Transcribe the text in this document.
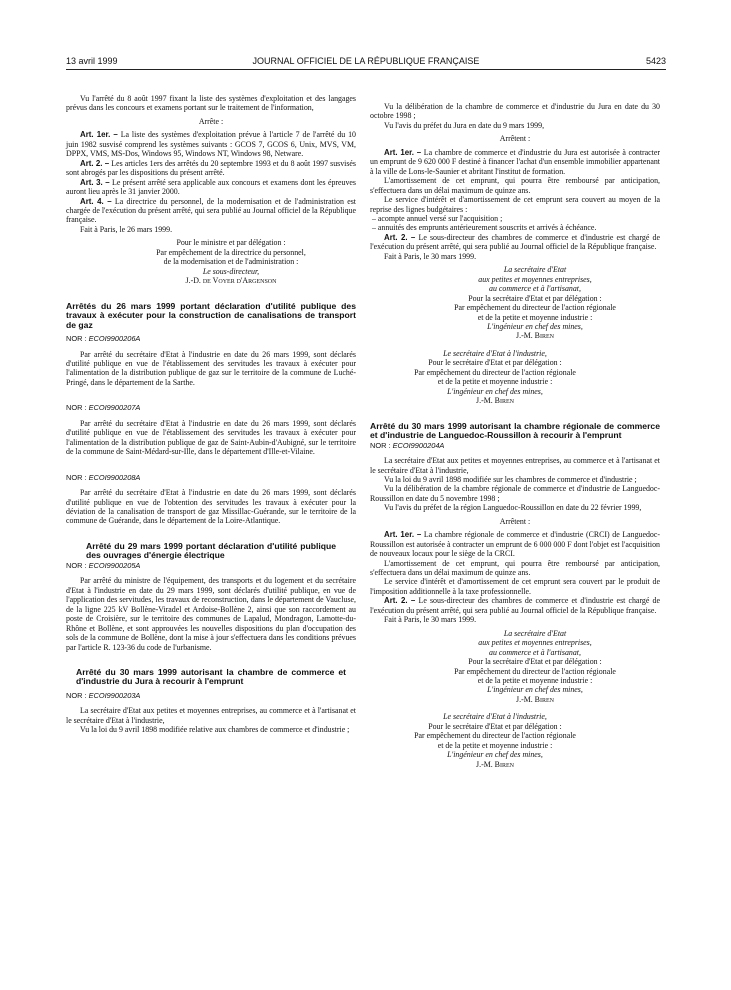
13 avril 1999	JOURNAL OFFICIEL DE LA RÉPUBLIQUE FRANÇAISE	5423

Vu l'arrêté du 8 août 1997 fixant la liste des systèmes d'exploitation et des langages prévus dans les concours et examens portant sur le traitement de l'information,

Arrête :

Art. 1er. – La liste des systèmes d'exploitation prévue à l'article 7 de l'arrêté du 10 juin 1982 susvisé comprend les systèmes suivants : GCOS 7, GCOS 6, Unix, MVS, VM, DPPX, VMS, MS-Dos, Windows 95, Windows NT, Windows 98, Netware.

Art. 2. – Les articles 1ers des arrêtés du 20 septembre 1993 et du 8 août 1997 susvisés sont abrogés par les dispositions du présent arrêté.

Art. 3. – Le présent arrêté sera applicable aux concours et examens dont les épreuves auront lieu après le 31 janvier 2000.

Art. 4. – La directrice du personnel, de la modernisation et de l'administration est chargée de l'exécution du présent arrêté, qui sera publié au Journal officiel de la République française.

Fait à Paris, le 26 mars 1999.

Pour le ministre et par délégation :

Par empêchement de la directrice du personnel,

de la modernisation et de l'administration :

Le sous-directeur,

J.-D. de Voyer d'Argenson

Arrêtés du 26 mars 1999 portant déclaration d'utilité publique des travaux à exécuter pour la construction de canalisations de transport de gaz

NOR : ECOI9900206A

Par arrêté du secrétaire d'Etat à l'industrie en date du 26 mars 1999, sont déclarés d'utilité publique en vue de l'établissement des servitudes les travaux à exécuter pour l'alimentation de la distribution publique de gaz sur le territoire de la commune de Luché-Pringé, dans le département de la Sarthe.

NOR : ECOI9900207A

Par arrêté du secrétaire d'Etat à l'industrie en date du 26 mars 1999, sont déclarés d'utilité publique en vue de l'établissement des servitudes les travaux à exécuter pour l'alimentation de la distribution publique de gaz de Saint-Aubin-d'Aubigné, sur le territoire de la commune de Saint-Médard-sur-Ille, dans le département d'Ille-et-Vilaine.

NOR : ECOI9900208A

Par arrêté du secrétaire d'Etat à l'industrie en date du 26 mars 1999, sont déclarés d'utilité publique en vue de l'obtention des servitudes les travaux à exécuter pour la déviation de la canalisation de transport de gaz Missillac-Guérande, sur le territoire de la commune de Guérande, dans le département de la Loire-Atlantique.

Arrêté du 29 mars 1999 portant déclaration d'utilité publique des ouvrages d'énergie électrique

NOR : ECOI9900205A

Par arrêté du ministre de l'équipement, des transports et du logement et du secrétaire d'Etat à l'industrie en date du 29 mars 1999, sont déclarés d'utilité publique, en vue de l'application des servitudes, les travaux de reconstruction, dans le département de Vaucluse, de la ligne 225 kV Bollène-Viradel et Ardoise-Bollène 2, ainsi que son raccordement au poste de Croisière, sur le territoire des communes de Lapalud, Mondragon, Lamotte-du-Rhône et Bollène, et sont approuvées les nouvelles dispositions du plan d'occupation des sols de la commune de Bollène, dont la mise à jour s'effectuera dans les conditions prévues par l'article R. 123-36 du code de l'urbanisme.

Arrêté du 30 mars 1999 autorisant la chambre de commerce et d'industrie du Jura à recourir à l'emprunt

NOR : ECOI9900203A

La secrétaire d'Etat aux petites et moyennes entreprises, au commerce et à l'artisanat et le secrétaire d'Etat à l'industrie,

Vu la loi du 9 avril 1898 modifiée relative aux chambres de commerce et d'industrie ;

Vu la délibération de la chambre de commerce et d'industrie du Jura en date du 30 octobre 1998 ;

Vu l'avis du préfet du Jura en date du 9 mars 1999,

Arrêtent :

Art. 1er. – La chambre de commerce et d'industrie du Jura est autorisée à contracter un emprunt de 9 620 000 F destiné à financer l'achat d'un ensemble immobilier appartenant à la ville de Lons-le-Saunier et abritant l'institut de formation.

L'amortissement de cet emprunt, qui pourra être remboursé par anticipation, s'effectuera dans un délai maximum de quinze ans.

Le service d'intérêt et d'amortissement de cet emprunt sera couvert au moyen de la reprise des lignes budgétaires :

– acompte annuel versé sur l'acquisition ;
– annuités des emprunts antérieurement souscrits et arrivés à échéance.

Art. 2. – Le sous-directeur des chambres de commerce et d'industrie est chargé de l'exécution du présent arrêté, qui sera publié au Journal officiel de la République française.

Fait à Paris, le 30 mars 1999.

La secrétaire d'Etat

aux petites et moyennes entreprises,

au commerce et à l'artisanat,

Pour la secrétaire d'Etat et par délégation :

Par empêchement du directeur de l'action régionale

et de la petite et moyenne industrie :

L'ingénieur en chef des mines,

J.-M. Biren

Le secrétaire d'Etat à l'industrie,

Pour le secrétaire d'Etat et par délégation :

Par empêchement du directeur de l'action régionale

et de la petite et moyenne industrie :

L'ingénieur en chef des mines,

J.-M. Biren

Arrêté du 30 mars 1999 autorisant la chambre régionale de commerce et d'industrie de Languedoc-Roussillon à recourir à l'emprunt

NOR : ECOI9900204A

La secrétaire d'Etat aux petites et moyennes entreprises, au commerce et à l'artisanat et le secrétaire d'Etat à l'industrie,

Vu la loi du 9 avril 1898 modifiée sur les chambres de commerce et d'industrie ;

Vu la délibération de la chambre régionale de commerce et d'industrie de Languedoc-Roussillon en date du 5 novembre 1998 ;

Vu l'avis du préfet de la région Languedoc-Roussillon en date du 22 février 1999,

Arrêtent :

Art. 1er. – La chambre régionale de commerce et d'industrie (CRCI) de Languedoc-Roussillon est autorisée à contracter un emprunt de 6 000 000 F dont l'objet est l'acquisition de nouveaux locaux pour le siège de la CRCI.

L'amortissement de cet emprunt, qui pourra être remboursé par anticipation, s'effectuera dans un délai maximum de quinze ans.

Le service d'intérêt et d'amortissement de cet emprunt sera couvert par le produit de l'imposition additionnelle à la taxe professionnelle.

Art. 2. – Le sous-directeur des chambres de commerce et d'industrie est chargé de l'exécution du présent arrêté, qui sera publié au Journal officiel de la République française.

Fait à Paris, le 30 mars 1999.

La secrétaire d'Etat

aux petites et moyennes entreprises,

au commerce et à l'artisanat,

Pour la secrétaire d'Etat et par délégation :

Par empêchement du directeur de l'action régionale

et de la petite et moyenne industrie :

L'ingénieur en chef des mines,

J.-M. Biren

Le secrétaire d'Etat à l'industrie,

Pour le secrétaire d'Etat et par délégation :

Par empêchement du directeur de l'action régionale

et de la petite et moyenne industrie :

L'ingénieur en chef des mines,

J.-M. Biren
